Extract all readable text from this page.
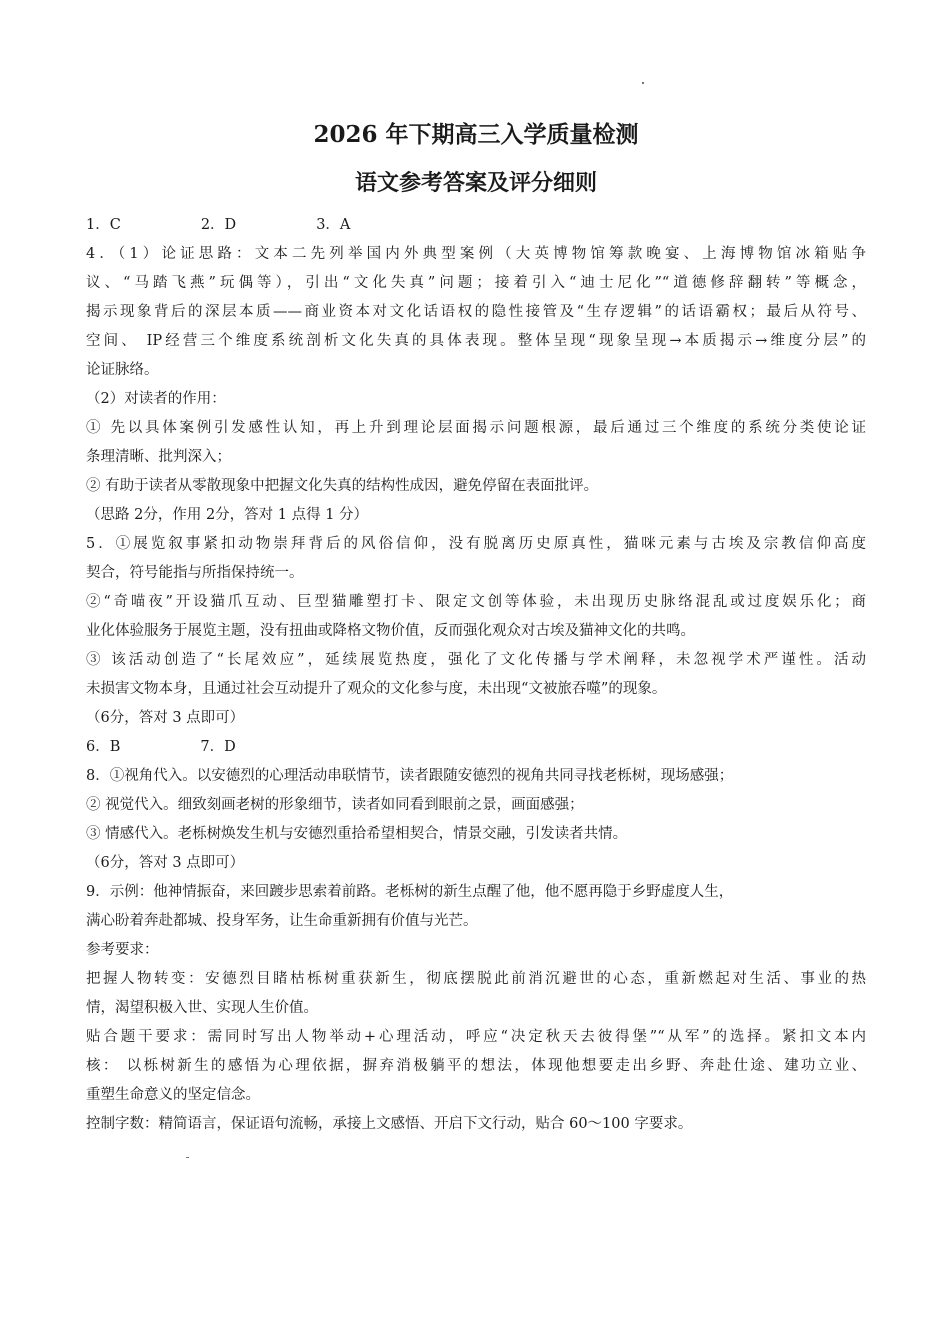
2026 年下期高三入学质量检测
语文参考答案及评分细则
1．C	2．D	3．A
4．（1）论证思路：文本二先列举国内外典型案例（大英博物馆筹款晚宴、上海博物馆冰箱贴争
议、“马踏飞燕”玩偶等），引出“文化失真”问题；接着引入“迪士尼化”“道德修辞翻转”等概念，
揭示现象背后的深层本质——商业资本对文化话语权的隐性接管及“生存逻辑”的话语霸权；最后从符号、
空间、 IP经营三个维度系统剖析文化失真的具体表现。整体呈现“现象呈现→本质揭示→维度分层”的
论证脉络。
（2）对读者的作用：
① 先以具体案例引发感性认知，再上升到理论层面揭示问题根源，最后通过三个维度的系统分类使论证
条理清晰、批判深入；
② 有助于读者从零散现象中把握文化失真的结构性成因，避免停留在表面批评。
（思路 2分，作用 2分，答对 1 点得 1 分）
5．①展览叙事紧扣动物崇拜背后的风俗信仰，没有脱离历史原真性，猫咪元素与古埃及宗教信仰高度
契合，符号能指与所指保持统一。
②“奇喵夜”开设猫爪互动、巨型猫雕塑打卡、限定文创等体验，未出现历史脉络混乱或过度娱乐化；商
业化体验服务于展览主题，没有扭曲或降格文物价值，反而强化观众对古埃及猫神文化的共鸣。
③ 该活动创造了“长尾效应”，延续展览热度，强化了文化传播与学术阐释，未忽视学术严谨性。活动
未损害文物本身，且通过社会互动提升了观众的文化参与度，未出现“文被旅吞噬”的现象。
（6分，答对 3 点即可）
6．B	7．D
8．①视角代入。以安德烈的心理活动串联情节，读者跟随安德烈的视角共同寻找老栎树，现场感强；
② 视觉代入。细致刻画老树的形象细节，读者如同看到眼前之景，画面感强；
③ 情感代入。老栎树焕发生机与安德烈重拾希望相契合，情景交融，引发读者共情。
（6分，答对 3 点即可）
9．示例：他神情振奋，来回踱步思索着前路。老栎树的新生点醒了他，他不愿再隐于乡野虚度人生，
满心盼着奔赴都城、投身军务，让生命重新拥有价值与光芒。
参考要求：
把握人物转变：安德烈目睹枯栎树重获新生，彻底摆脱此前消沉避世的心态，重新燃起对生活、事业的热
情，渴望积极入世、实现人生价值。
贴合题干要求：需同时写出人物举动+心理活动，呼应“决定秋天去彼得堡”“从军”的选择。紧扣文本内
核： 以栎树新生的感悟为心理依据，摒弃消极躺平的想法，体现他想要走出乡野、奔赴仕途、建功立业、
重塑生命意义的坚定信念。
控制字数：精简语言，保证语句流畅，承接上文感悟、开启下文行动，贴合 60～100 字要求。
